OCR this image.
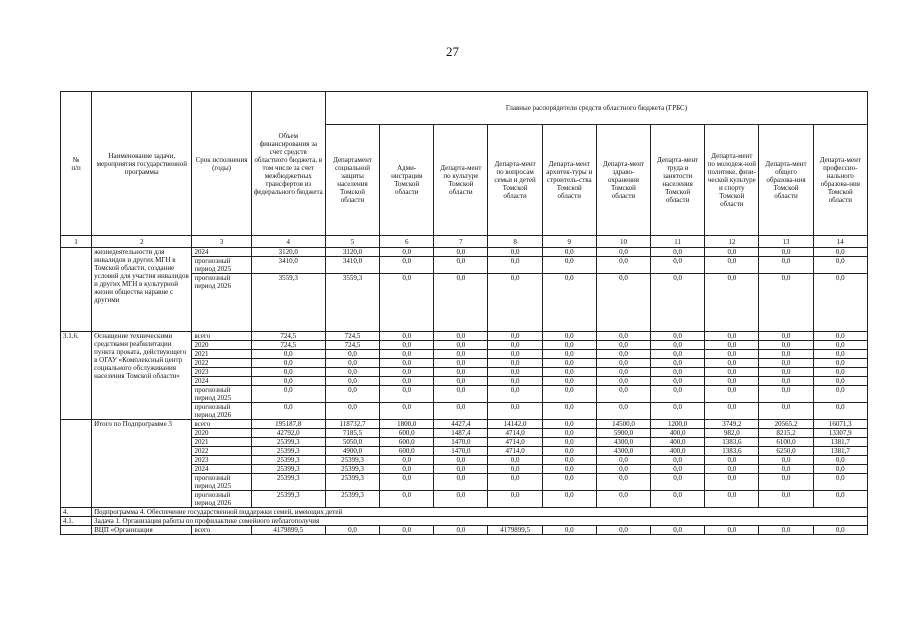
27
№
п/п	Наименование задачи, мероприятия государственной программы	Срок исполнения (годы)	Объем финансирования за счет средств областного бюджета, в том числе за счет межбюджетных трансфертов из федерального бюджета	Главные распорядители средств областного бюджета (ГРБС)									
				Департамент социальной защиты населения Томской области	Адми-нистрация Томской области	Департа-мент по культуре Томской области	Департа-мент по вопросам семьи и детей Томской области	Департа-мент архитек-туры и строитель-ства Томской области	Департа-мент здраво-охранения Томской области	Департа-мент труда и занятости населения Томской области	Департа-мент по молодеж-ной политике, физи-ческой культуре и спорту Томской области	Департа-мент общего образова-ния Томской области	Департа-мент профессио-нального образова-ния Томской области
1	2	3	4	5	6	7	8	9	10	11	12	13	14
	жизнедеятельности для инвалидов и других МГН в Томской области, создание условий для участия инвалидов и других МГН в культурной жизни общества наравне с другими	2024	3120,0	3120,0	0,0	0,0	0,0	0,0	0,0	0,0	0,0	0,0	0,0
		прогнозный период 2025	3410,0	3410,0	0,0	0,0	0,0	0,0	0,0	0,0	0,0	0,0	0,0
		прогнозный период 2026	3559,3	3559,3	0,0	0,0	0,0	0,0	0,0	0,0	0,0	0,0	0,0
3.1.6.	Оснащение техническими средствами реабилитации пункта проката, действующего в ОГАУ «Комплексный центр социального обслуживания населения Томской области»	всего	724,5	724,5	0,0	0,0	0,0	0,0	0,0	0,0	0,0	0,0	0,0
		2020	724,5	724,5	0,0	0,0	0,0	0,0	0,0	0,0	0,0	0,0	0,0
		2021	0,0	0,0	0,0	0,0	0,0	0,0	0,0	0,0	0,0	0,0	0,0
		2022	0,0	0,0	0,0	0,0	0,0	0,0	0,0	0,0	0,0	0,0	0,0
		2023	0,0	0,0	0,0	0,0	0,0	0,0	0,0	0,0	0,0	0,0	0,0
		2024	0,0	0,0	0,0	0,0	0,0	0,0	0,0	0,0	0,0	0,0	0,0
		прогнозный период 2025	0,0	0,0	0,0	0,0	0,0	0,0	0,0	0,0	0,0	0,0	0,0
		прогнозный период 2026	0,0	0,0	0,0	0,0	0,0	0,0	0,0	0,0	0,0	0,0	0,0
	Итого по Подпрограмме 3	всего	195187,8	118732,7	1800,0	4427,4	14142,0	0,0	14500,0	1200,0	3749,2	20565,2	16071,3
		2020	42792,0	7185,5	600,0	1487,4	4714,0	0,0	5900,0	400,0	982,0	8215,2	13307,9
		2021	25399,3	5050,0	600,0	1470,0	4714,0	0,0	4300,0	400,0	1383,6	6100,0	1381,7
		2022	25399,3	4900,0	600,0	1470,0	4714,0	0,0	4300,0	400,0	1383,6	6250,0	1381,7
		2023	25399,3	25399,3	0,0	0,0	0,0	0,0	0,0	0,0	0,0	0,0	0,0
		2024	25399,3	25399,3	0,0	0,0	0,0	0,0	0,0	0,0	0,0	0,0	0,0
		прогнозный период 2025	25399,3	25399,3	0,0	0,0	0,0	0,0	0,0	0,0	0,0	0,0	0,0
		прогнозный период 2026	25399,3	25399,3	0,0	0,0	0,0	0,0	0,0	0,0	0,0	0,0	0,0
4.	Подпрограмма 4. Обеспечение государственной поддержки семей, имеющих детей												
4.1.	Задача 1. Организация работы по профилактике семейного неблагополучия												
	ВЦП «Организация	всего	4179899,5	0,0	0,0	0,0	4179899,5	0,0	0,0	0,0	0,0	0,0	0,0
